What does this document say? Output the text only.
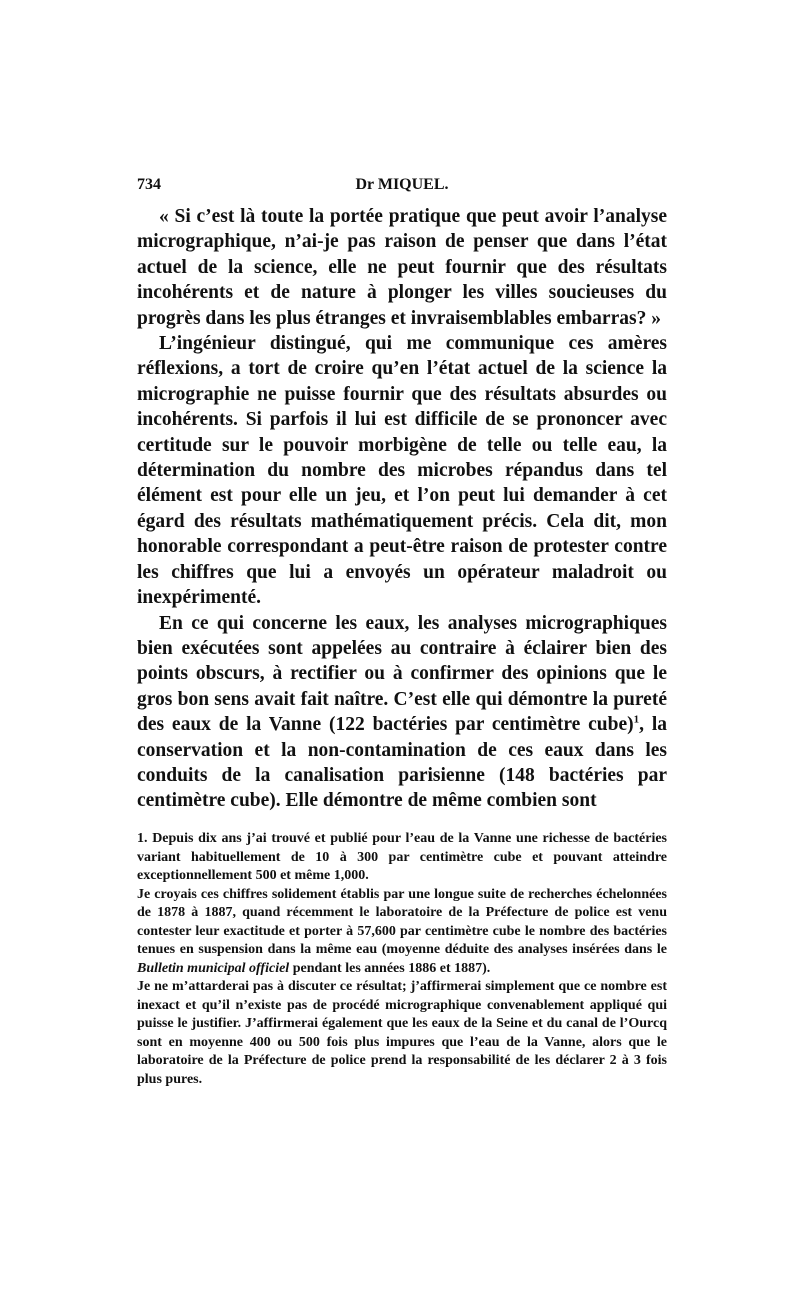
734	Dr MIQUEL.

« Si c’est là toute la portée pratique que peut avoir l’analyse micrographique, n’ai-je pas raison de penser que dans l’état actuel de la science, elle ne peut fournir que des résultats incohérents et de nature à plonger les villes soucieuses du progrès dans les plus étranges et invraisemblables embarras? »

L’ingénieur distingué, qui me communique ces amères réflexions, a tort de croire qu’en l’état actuel de la science la micrographie ne puisse fournir que des résultats absurdes ou incohérents. Si parfois il lui est difficile de se prononcer avec certitude sur le pouvoir morbigène de telle ou telle eau, la détermination du nombre des microbes répandus dans tel élément est pour elle un jeu, et l’on peut lui demander à cet égard des résultats mathématiquement précis. Cela dit, mon honorable correspondant a peut-être raison de protester contre les chiffres que lui a envoyés un opérateur maladroit ou inexpérimenté.

En ce qui concerne les eaux, les analyses micrographiques bien exécutées sont appelées au contraire à éclairer bien des points obscurs, à rectifier ou à confirmer des opinions que le gros bon sens avait fait naître. C’est elle qui démontre la pureté des eaux de la Vanne (122 bactéries par centimètre cube)$^1$, la conservation et la non-contamination de ces eaux dans les conduits de la canalisation parisienne (148 bactéries par centimètre cube). Elle démontre de même combien sont

1. Depuis dix ans j’ai trouvé et publié pour l’eau de la Vanne une richesse de bactéries variant habituellement de 10 à 300 par centimètre cube et pouvant atteindre exceptionnellement 500 et même 1,000.

Je croyais ces chiffres solidement établis par une longue suite de recherches échelonnées de 1878 à 1887, quand récemment le laboratoire de la Préfecture de police est venu contester leur exactitude et porter à 57,600 par centimètre cube le nombre des bactéries tenues en suspension dans la même eau (moyenne déduite des analyses insérées dans le Bulletin municipal officiel pendant les années 1886 et 1887).

Je ne m’attarderai pas à discuter ce résultat; j’affirmerai simplement que ce nombre est inexact et qu’il n’existe pas de procédé micrographique convenablement appliqué qui puisse le justifier. J’affirmerai également que les eaux de la Seine et du canal de l’Ourcq sont en moyenne 400 ou 500 fois plus impures que l’eau de la Vanne, alors que le laboratoire de la Préfecture de police prend la responsabilité de les déclarer 2 à 3 fois plus pures.
